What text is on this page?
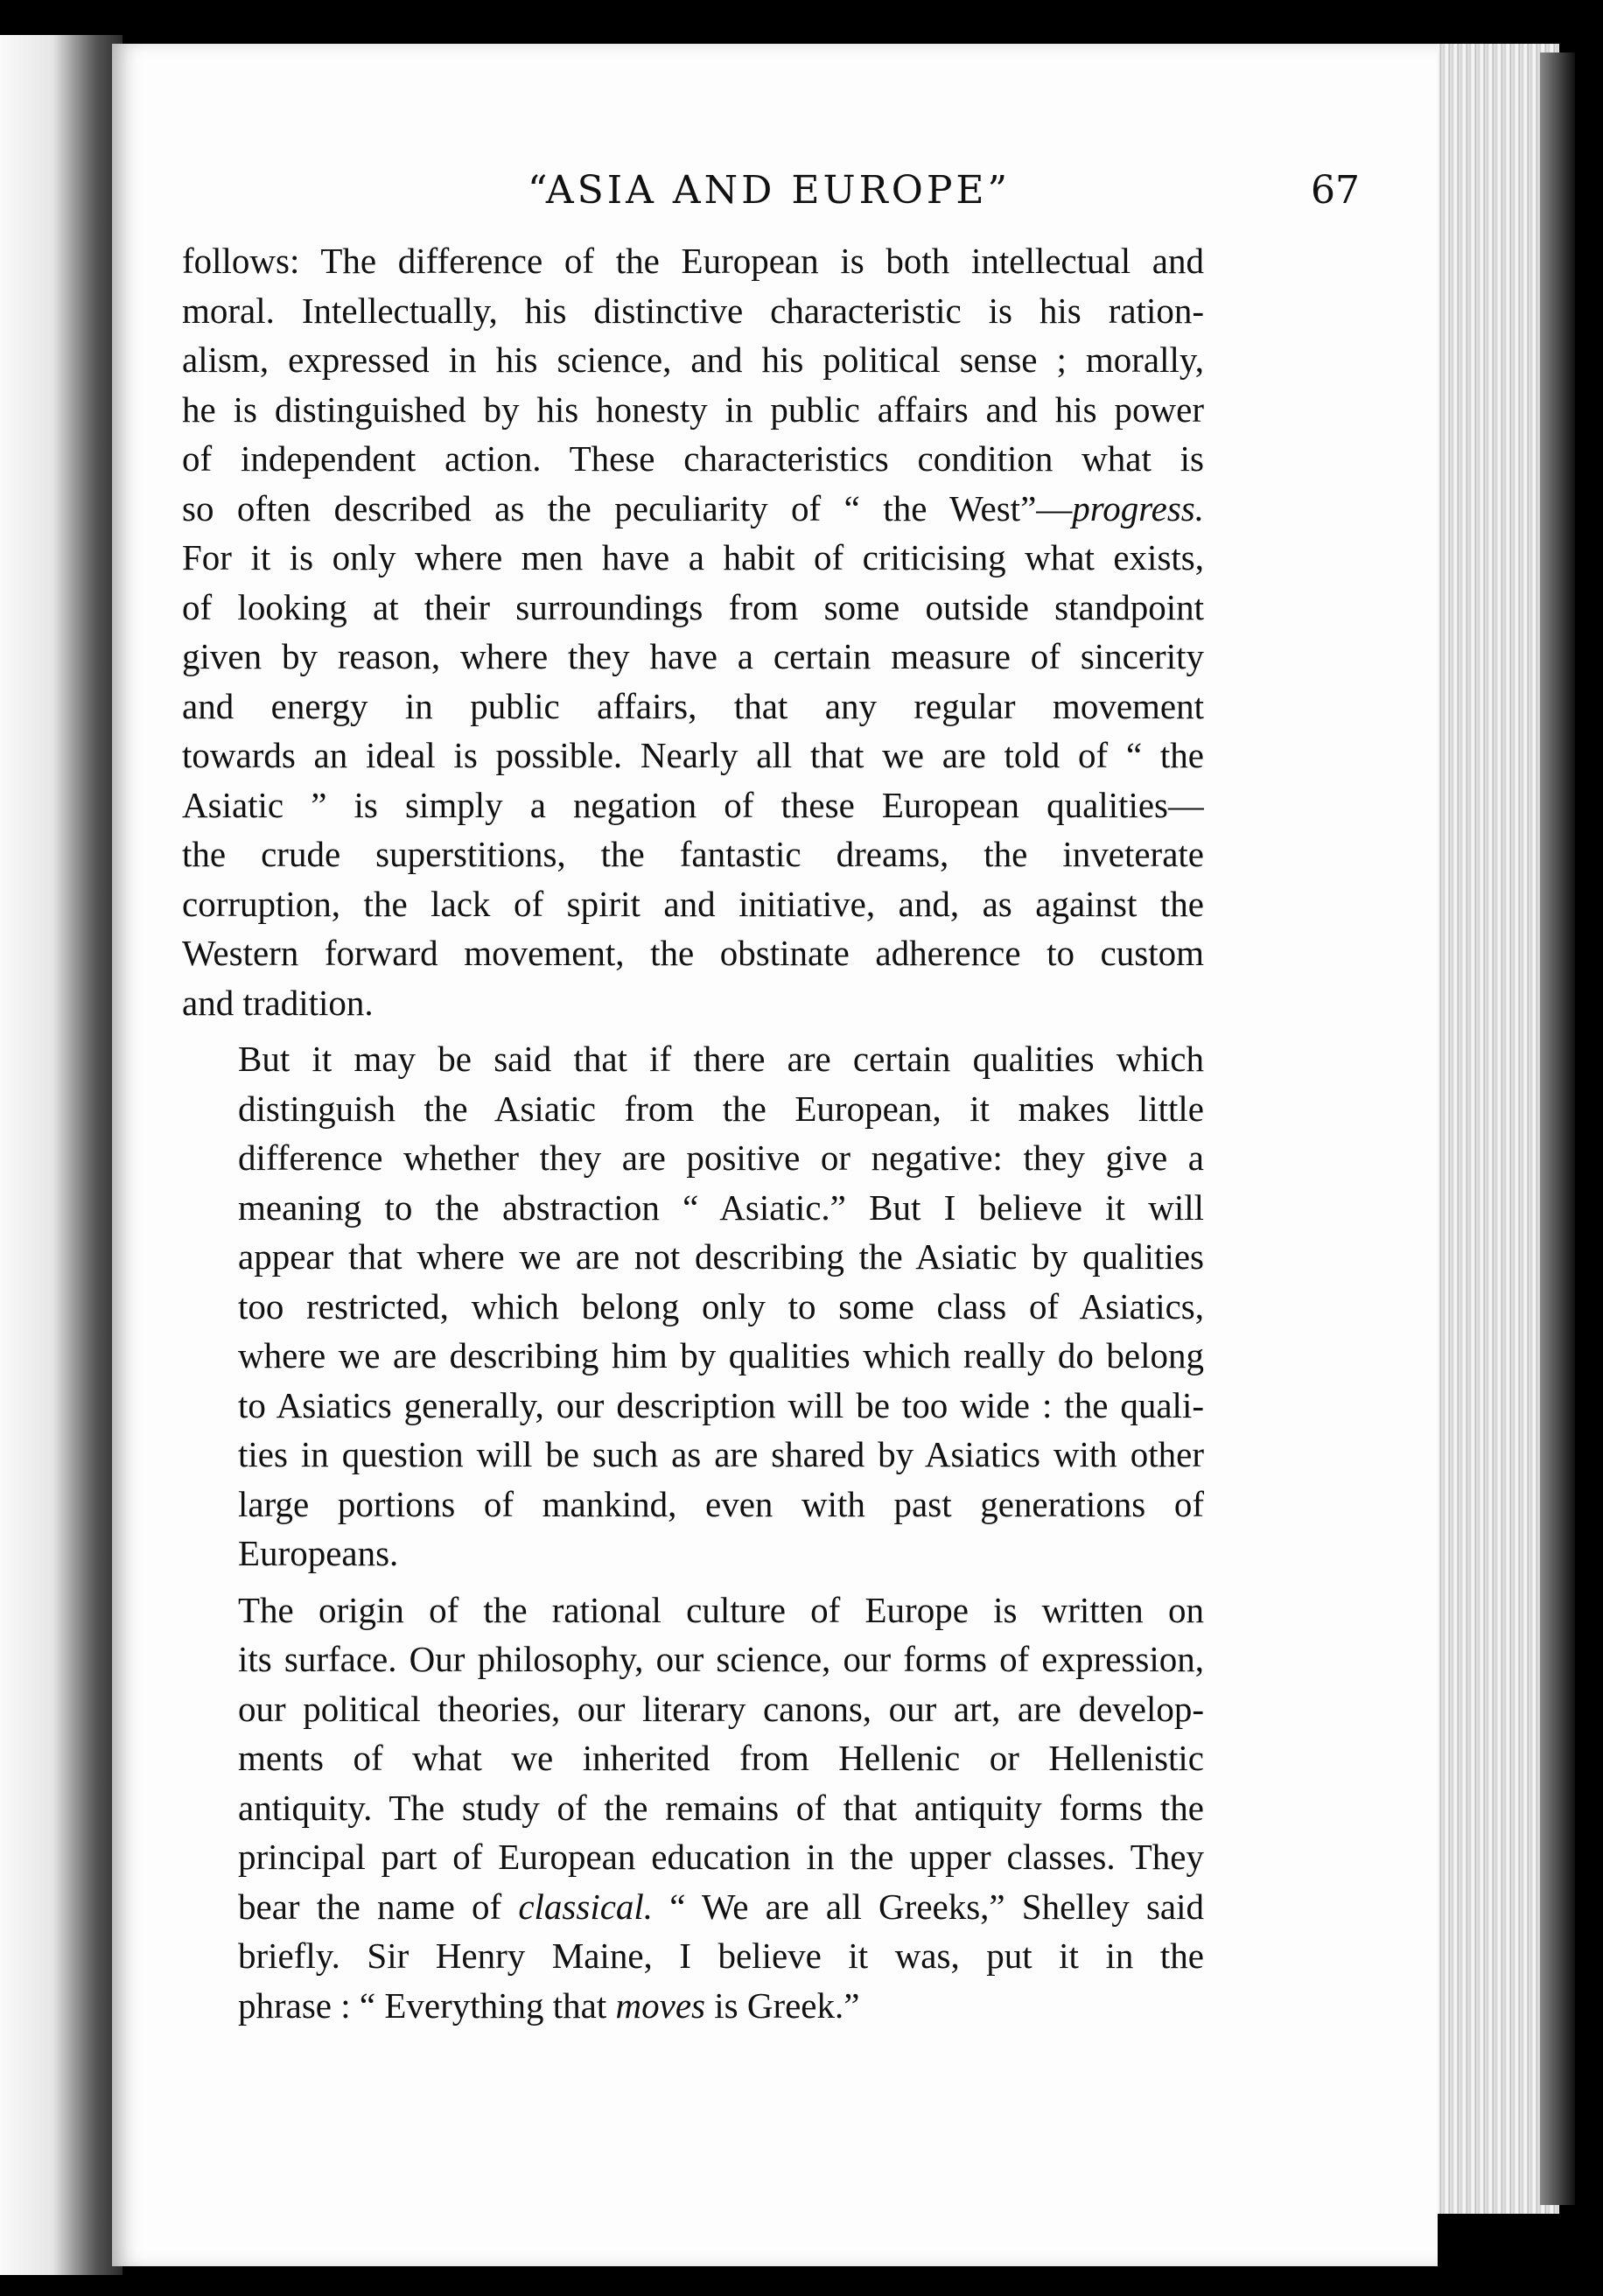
“ASIA AND EUROPE”	67

follows: The difference of the European is both intellectual and
moral. Intellectually, his distinctive characteristic is his ration-
alism, expressed in his science, and his political sense ; morally,
he is distinguished by his honesty in public affairs and his power
of independent action. These characteristics condition what is
so often described as the peculiarity of “ the West”—progress.
For it is only where men have a habit of criticising what exists,
of looking at their surroundings from some outside standpoint
given by reason, where they have a certain measure of sincerity
and energy in public affairs, that any regular movement
towards an ideal is possible. Nearly all that we are told of “ the
Asiatic ” is simply a negation of these European qualities—
the crude superstitions, the fantastic dreams, the inveterate
corruption, the lack of spirit and initiative, and, as against the
Western forward movement, the obstinate adherence to custom
and tradition.

But it may be said that if there are certain qualities which
distinguish the Asiatic from the European, it makes little
difference whether they are positive or negative: they give a
meaning to the abstraction “ Asiatic.” But I believe it will
appear that where we are not describing the Asiatic by qualities
too restricted, which belong only to some class of Asiatics,
where we are describing him by qualities which really do belong
to Asiatics generally, our description will be too wide : the quali-
ties in question will be such as are shared by Asiatics with other
large portions of mankind, even with past generations of
Europeans.

The origin of the rational culture of Europe is written on
its surface. Our philosophy, our science, our forms of expression,
our political theories, our literary canons, our art, are develop-
ments of what we inherited from Hellenic or Hellenistic
antiquity. The study of the remains of that antiquity forms the
principal part of European education in the upper classes. They
bear the name of classical. “ We are all Greeks,” Shelley said
briefly. Sir Henry Maine, I believe it was, put it in the
phrase : “ Everything that moves is Greek.”
